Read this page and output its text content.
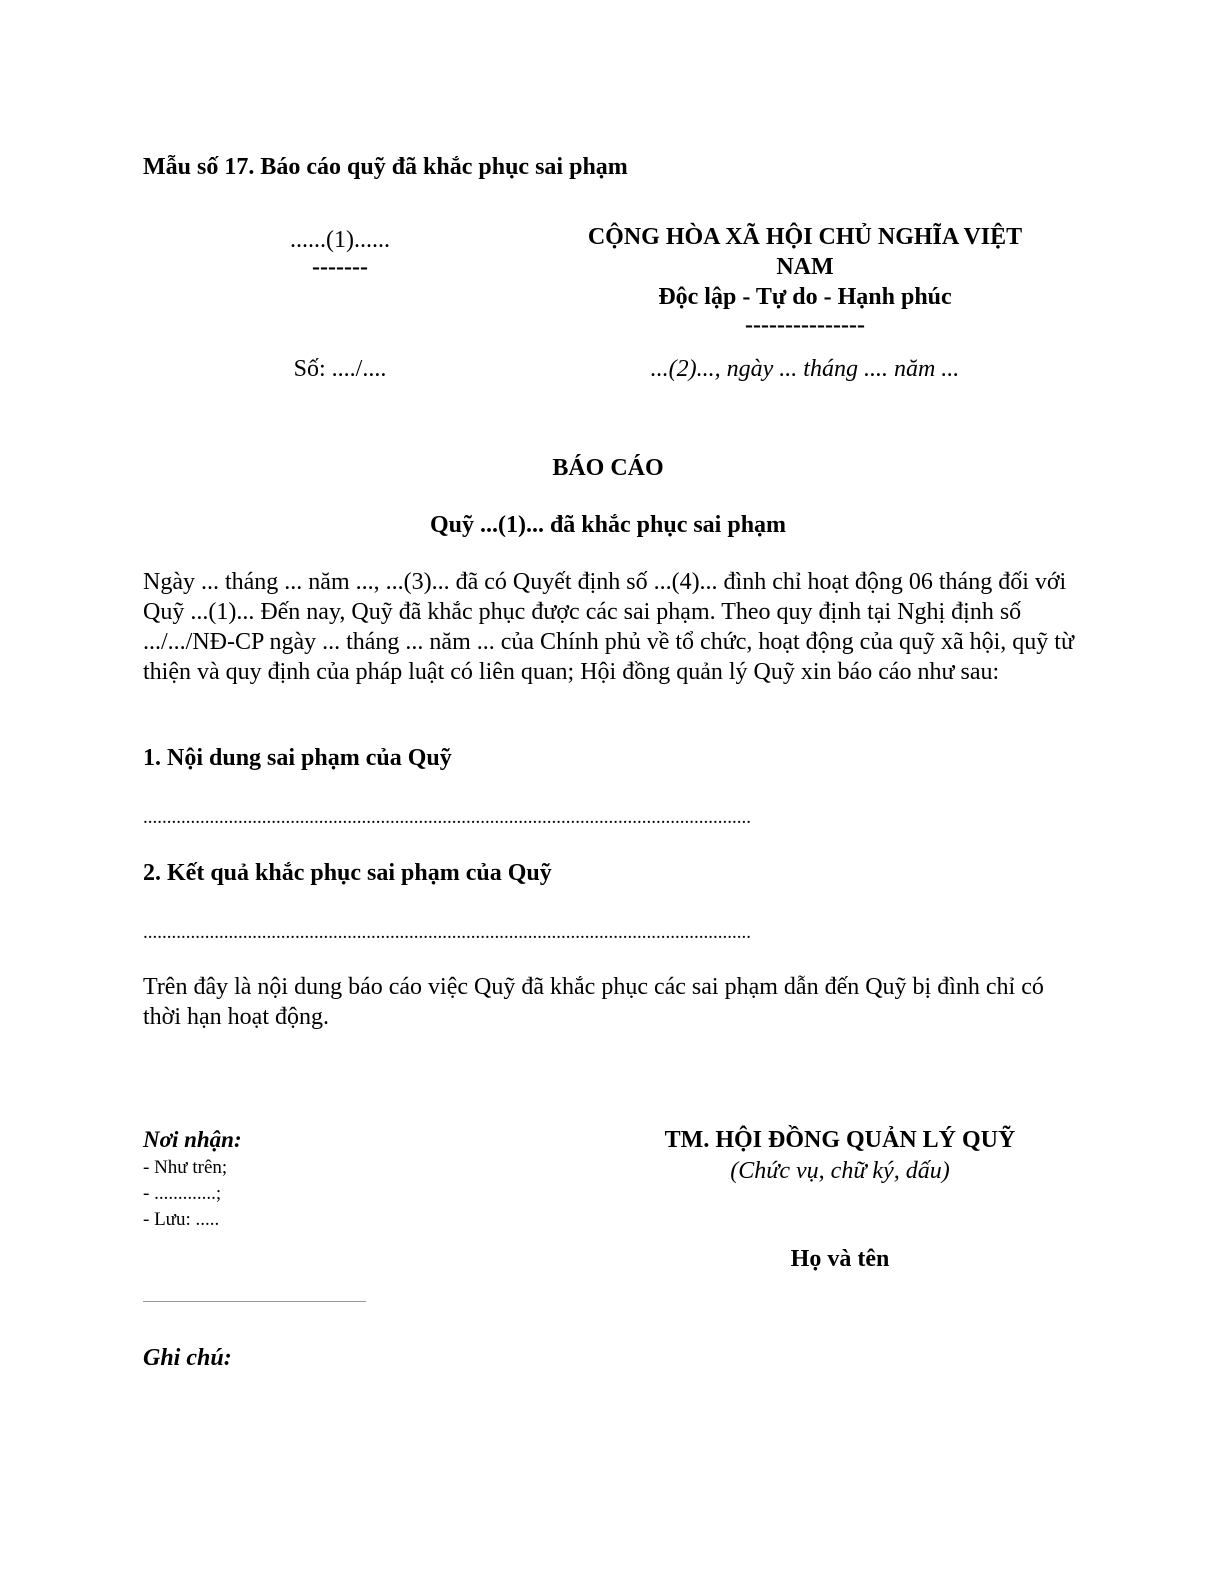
Mẫu số 17. Báo cáo quỹ đã khắc phục sai phạm
......(1)......
-------
CỘNG HÒA XÃ HỘI CHỦ NGHĨA VIỆT
NAM
Độc lập - Tự do - Hạnh phúc
---------------
Số: ..../....	...(2)..., ngày ... tháng .... năm ...
BÁO CÁO
Quỹ ...(1)... đã khắc phục sai phạm
Ngày ... tháng ... năm ..., ...(3)... đã có Quyết định số ...(4)... đình chỉ hoạt động 06 tháng đối với Quỹ ...(1)... Đến nay, Quỹ đã khắc phục được các sai phạm. Theo quy định tại Nghị định số .../.../NĐ-CP ngày ... tháng ... năm ... của Chính phủ về tổ chức, hoạt động của quỹ xã hội, quỹ từ thiện và quy định của pháp luật có liên quan; Hội đồng quản lý Quỹ xin báo cáo như sau:
1. Nội dung sai phạm của Quỹ
................................................................................................................................
2. Kết quả khắc phục sai phạm của Quỹ
................................................................................................................................
Trên đây là nội dung báo cáo việc Quỹ đã khắc phục các sai phạm dẫn đến Quỹ bị đình chỉ có thời hạn hoạt động.
Nơi nhận:
- Như trên;
- .............;
- Lưu: .....
TM. HỘI ĐỒNG QUẢN LÝ QUỸ
(Chức vụ, chữ ký, dấu)
Họ và tên
Ghi chú:
